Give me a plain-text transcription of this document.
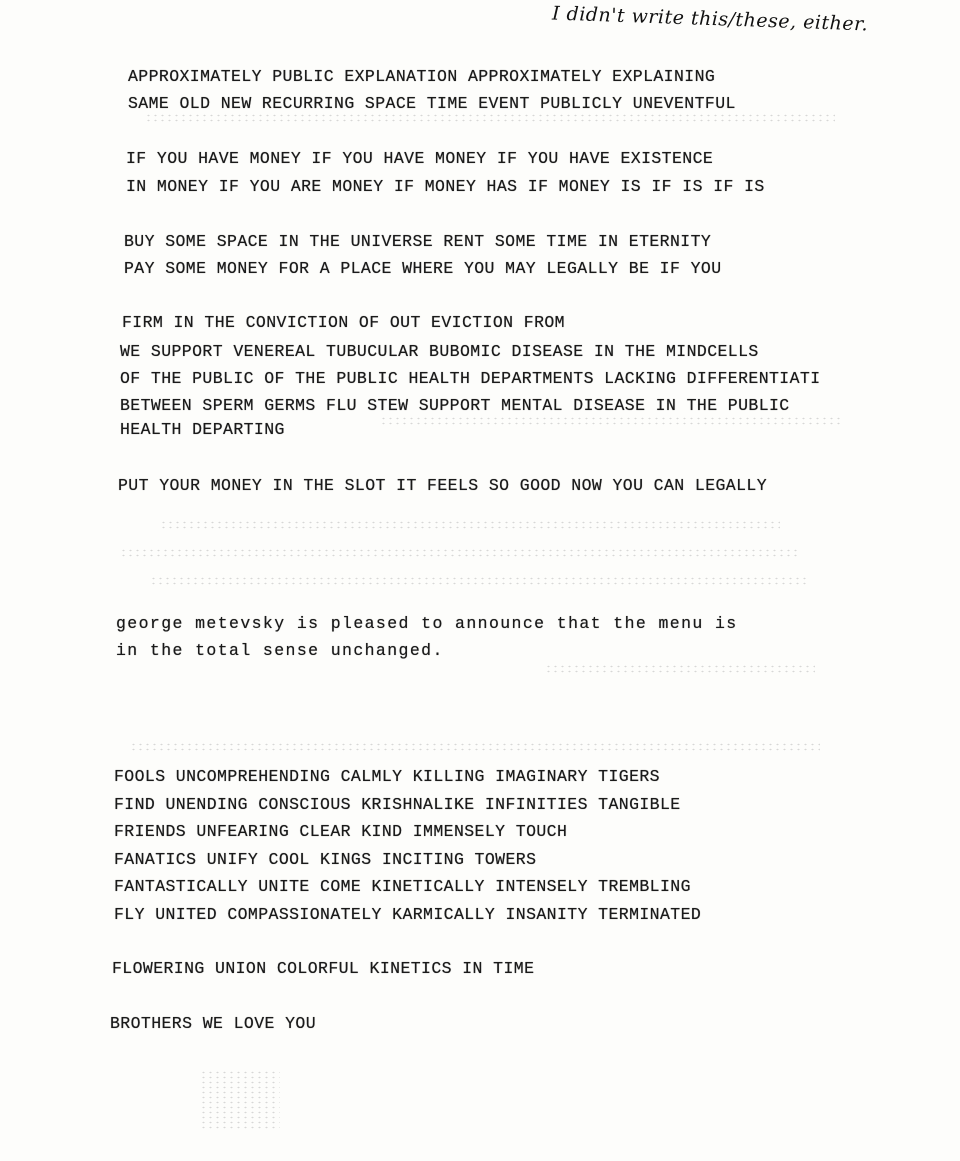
I didn't write this/these, either.
APPROXIMATELY PUBLIC EXPLANATION APPROXIMATELY EXPLAINING
SAME OLD NEW RECURRING SPACE TIME EVENT PUBLICLY UNEVENTFUL
IF YOU HAVE MONEY IF YOU HAVE MONEY IF YOU HAVE EXISTENCE
IN MONEY IF YOU ARE MONEY IF MONEY HAS IF MONEY IS IF IS IF IS
BUY SOME SPACE IN THE UNIVERSE RENT SOME TIME IN ETERNITY
PAY SOME MONEY FOR A PLACE WHERE YOU MAY LEGALLY BE IF YOU
FIRM IN THE CONVICTION OF OUT EVICTION FROM
WE SUPPORT VENEREAL TUBUCULAR BUBOMIC DISEASE IN THE MINDCELLS
OF THE PUBLIC OF THE PUBLIC HEALTH DEPARTMENTS LACKING DIFFERENTIATI
BETWEEN SPERM GERMS FLU STEW SUPPORT MENTAL DISEASE IN THE PUBLIC
HEALTH DEPARTING
PUT YOUR MONEY IN THE SLOT IT FEELS SO GOOD NOW YOU CAN LEGALLY
george metevsky is pleased to announce that the menu is
in the total sense unchanged.
FOOLS UNCOMPREHENDING CALMLY KILLING IMAGINARY TIGERS
FIND UNENDING CONSCIOUS KRISHNALIKE INFINITIES TANGIBLE
FRIENDS UNFEARING CLEAR KIND IMMENSELY TOUCH
FANATICS UNIFY COOL KINGS INCITING TOWERS
FANTASTICALLY UNITE COME KINETICALLY INTENSELY TREMBLING
FLY UNITED COMPASSIONATELY KARMICALLY INSANITY TERMINATED
FLOWERING UNION COLORFUL KINETICS IN TIME
BROTHERS WE LOVE YOU
